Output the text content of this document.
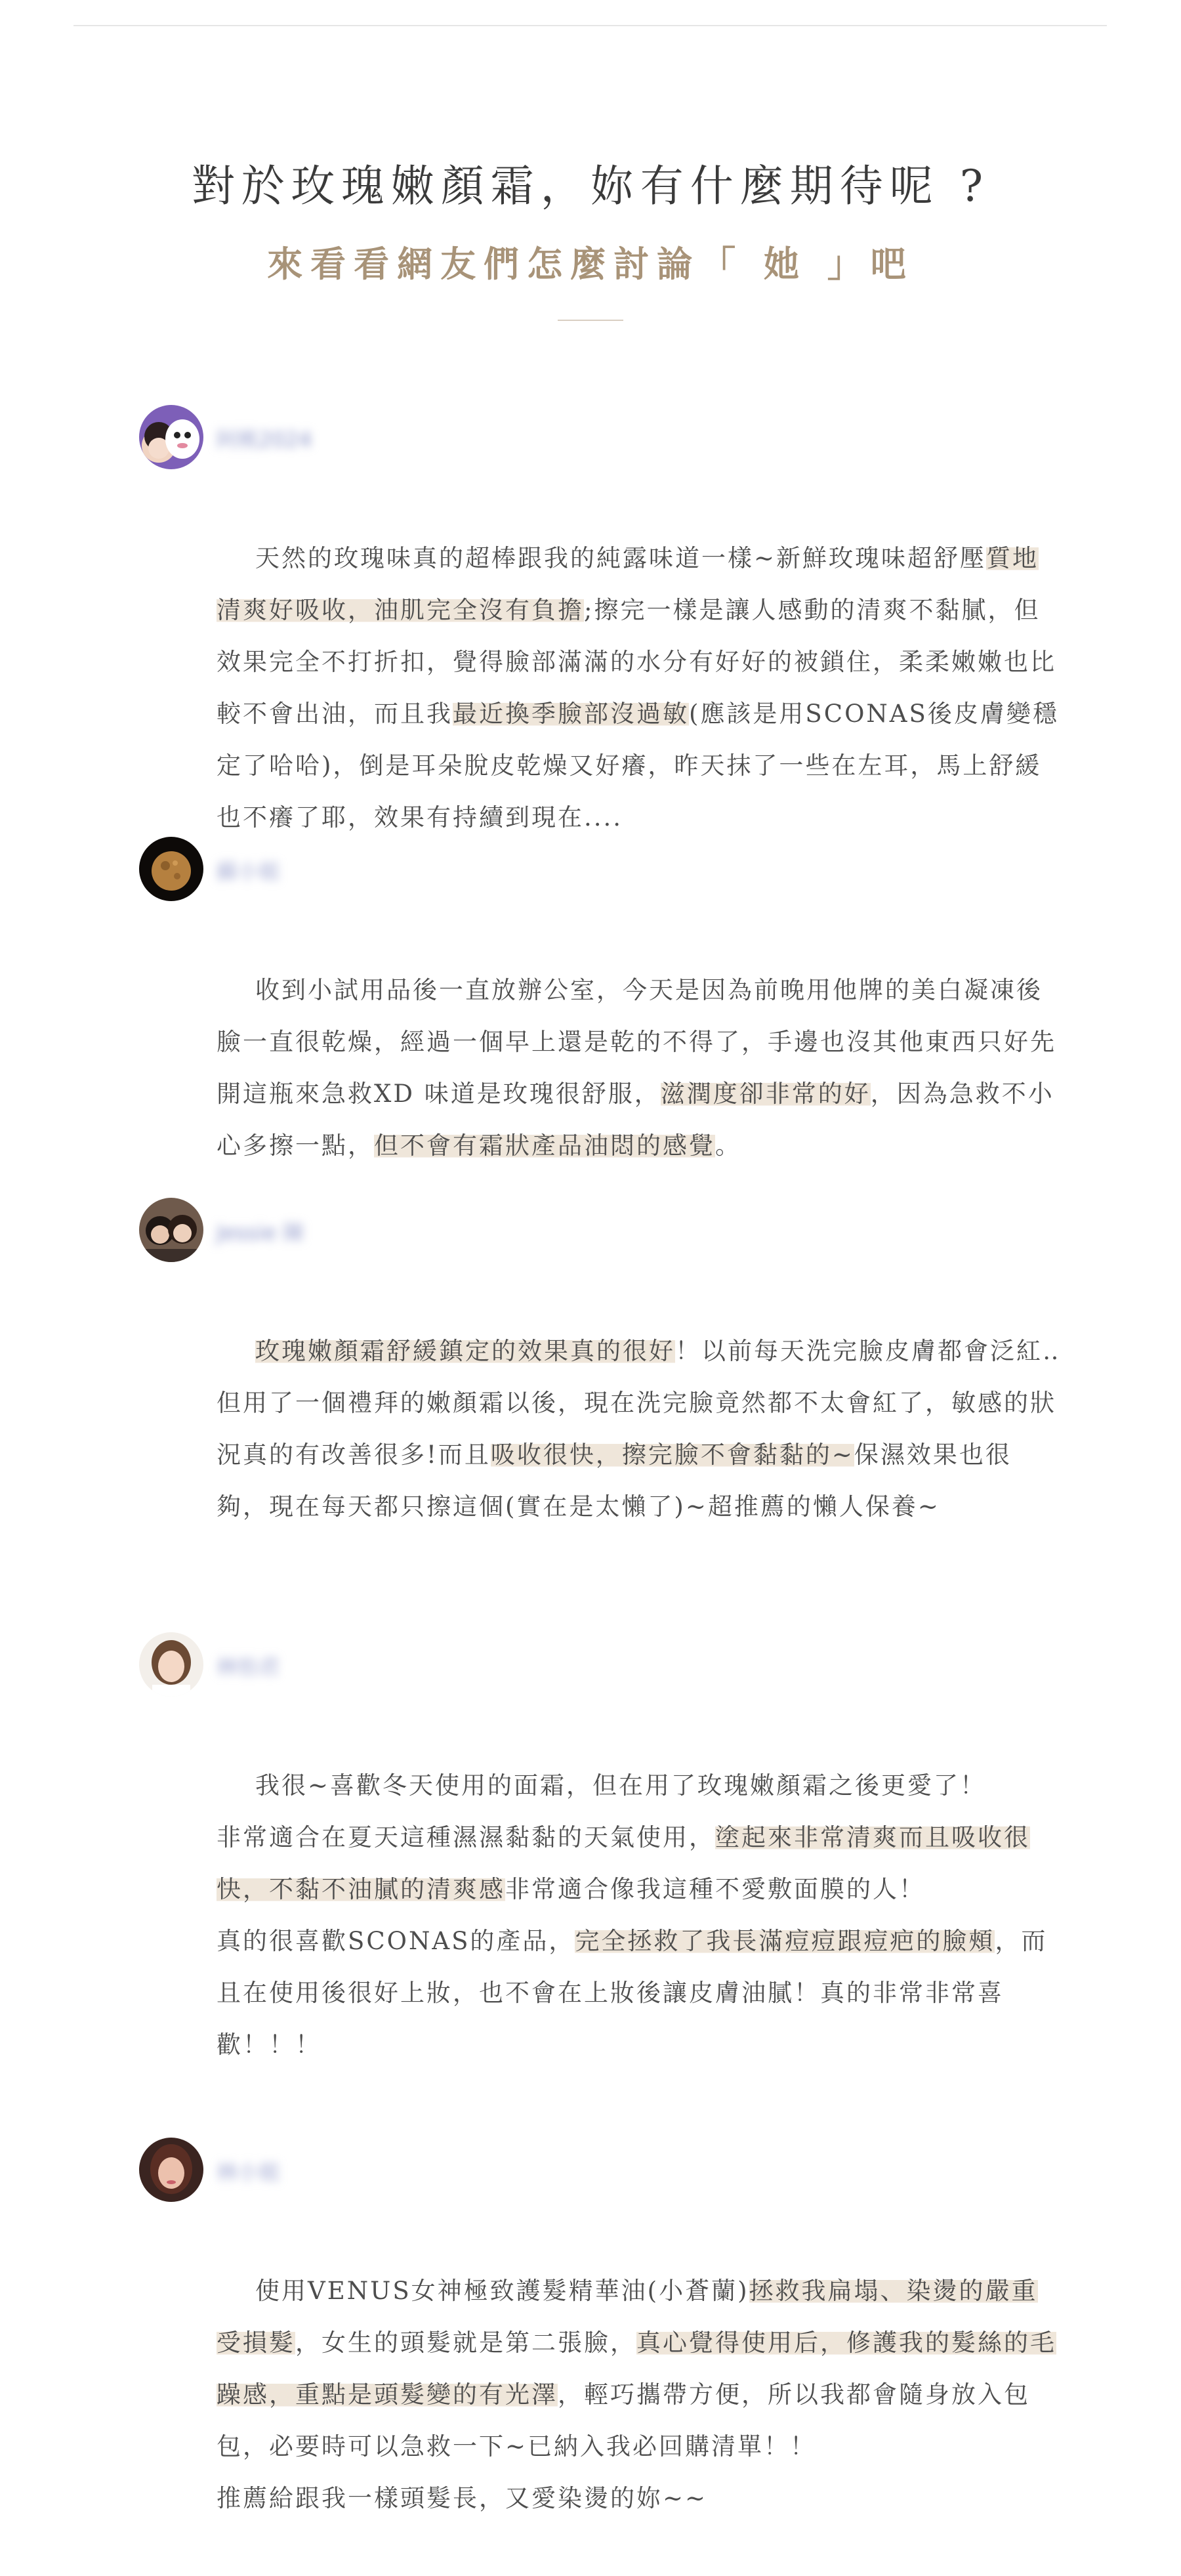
對於玫瑰嫩顏霜，妳有什麼期待呢 ?
來看看網友們怎麼討論「 她 」吧
阿桃2024

天然的玫瑰味真的超棒跟我的純露味道一樣~新鮮玫瑰味超舒壓質地清爽好吸收，油肌完全沒有負擔;擦完一樣是讓人感動的清爽不黏膩，但效果完全不打折扣，覺得臉部滿滿的水分有好好的被鎖住，柔柔嫩嫩也比較不會出油，而且我最近換季臉部沒過敏(應該是用SCONAS後皮膚變穩定了哈哈)，倒是耳朵脫皮乾燥又好癢，昨天抹了一些在左耳，馬上舒緩也不癢了耶，效果有持續到現在....

蘇小姐

收到小試用品後一直放辦公室，今天是因為前晚用他牌的美白凝凍後臉一直很乾燥，經過一個早上還是乾的不得了，手邊也沒其他東西只好先開這瓶來急救XD 味道是玫瑰很舒服，滋潤度卻非常的好，因為急救不小心多擦一點，但不會有霜狀產品油悶的感覺。

Jessie 陳

玫瑰嫩顏霜舒緩鎮定的效果真的很好！以前每天洗完臉皮膚都會泛紅‥但用了一個禮拜的嫩顏霜以後，現在洗完臉竟然都不太會紅了，敏感的狀況真的有改善很多!而且吸收很快，擦完臉不會黏黏的~保濕效果也很夠，現在每天都只擦這個(實在是太懶了)~超推薦的懶人保養~

林怡君

我很~喜歡冬天使用的面霜，但在用了玫瑰嫩顏霜之後更愛了！
非常適合在夏天這種濕濕黏黏的天氣使用，塗起來非常清爽而且吸收很快，不黏不油膩的清爽感非常適合像我這種不愛敷面膜的人！
真的很喜歡SCONAS的產品，完全拯救了我長滿痘痘跟痘疤的臉頰，而且在使用後很好上妝，也不會在上妝後讓皮膚油膩！真的非常非常喜歡！！！

林小姐

使用VENUS女神極致護髮精華油(小蒼蘭)拯救我扁塌、染燙的嚴重受損髮，女生的頭髮就是第二張臉，真心覺得使用后，修護我的髮絲的毛躁感，重點是頭髮變的有光澤，輕巧攜帶方便，所以我都會隨身放入包包，必要時可以急救一下~已納入我必回購清單！！
推薦給跟我一樣頭髮長，又愛染燙的妳~~
